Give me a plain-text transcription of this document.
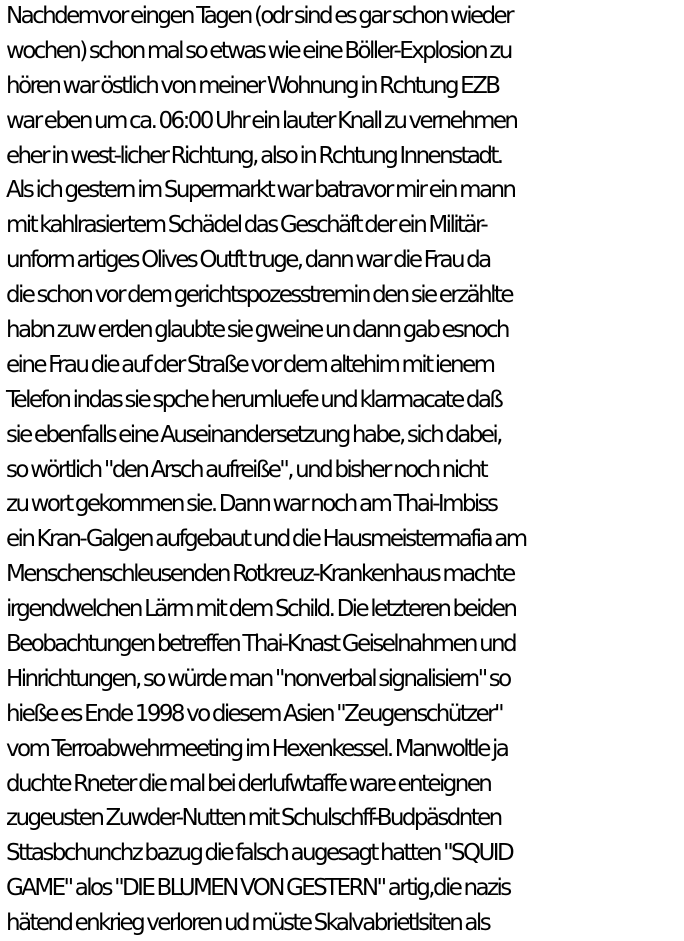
Nachdemvor eingen Tagen (odr sind es gar schon wieder
wochen) schon mal so etwas wie eine Böller-Explosion zu
hören war östlich von meiner Wohnung in Rchtung EZB
war eben um ca. 06:00 Uhr ein lauter Knall zu vernehmen
eher in west-licher Richtung, also in Rchtung Innenstadt.
Als ich gestern im Supermarkt war batravor mir ein mann
mit kahlrasiertem Schädel das Geschäft der ein Militär-
unform artiges Olives Outft truge, dann war die Frau da
die schon vor dem gerichtspozesstremin den sie erzählte
habn zuw erden glaubte sie gweine un dann gab esnoch
eine Frau die auf der Straße vor dem altehim mit ienem
Telefon indas sie spche herumluefe und klarmacate daß
sie ebenfalls eine Auseinandersetzung habe, sich dabei,
so wörtlich "den Arsch aufreiße", und bisher noch nicht
zu wort gekommen sie. Dann war noch am Thai-Imbiss
ein Kran-Galgen aufgebaut und die Hausmeistermafia am
Menschenschleusenden Rotkreuz-Krankenhaus machte
irgendwelchen Lärm mit dem Schild. Die letzteren beiden
Beobachtungen betreffen Thai-Knast Geiselnahmen und
Hinrichtungen, so würde man "nonverbal signalisiern" so
hieße es Ende 1998 vo diesem Asien "Zeugenschützer"
vom Terroabwehrmeeting im Hexenkessel. Manwoltle ja
duchte Rneter die mal bei derlufwtaffe ware enteignen
zugeusten Zuwder-Nutten mit Schulschff-Budpäsdnten
Sttasbchunchz bazug die falsch augesagt hatten "SQUID
GAME" alos "DIE BLUMEN VON GESTERN" artig,die nazis
hätend enkrieg verloren ud müste Skalvabrietlsiten als
